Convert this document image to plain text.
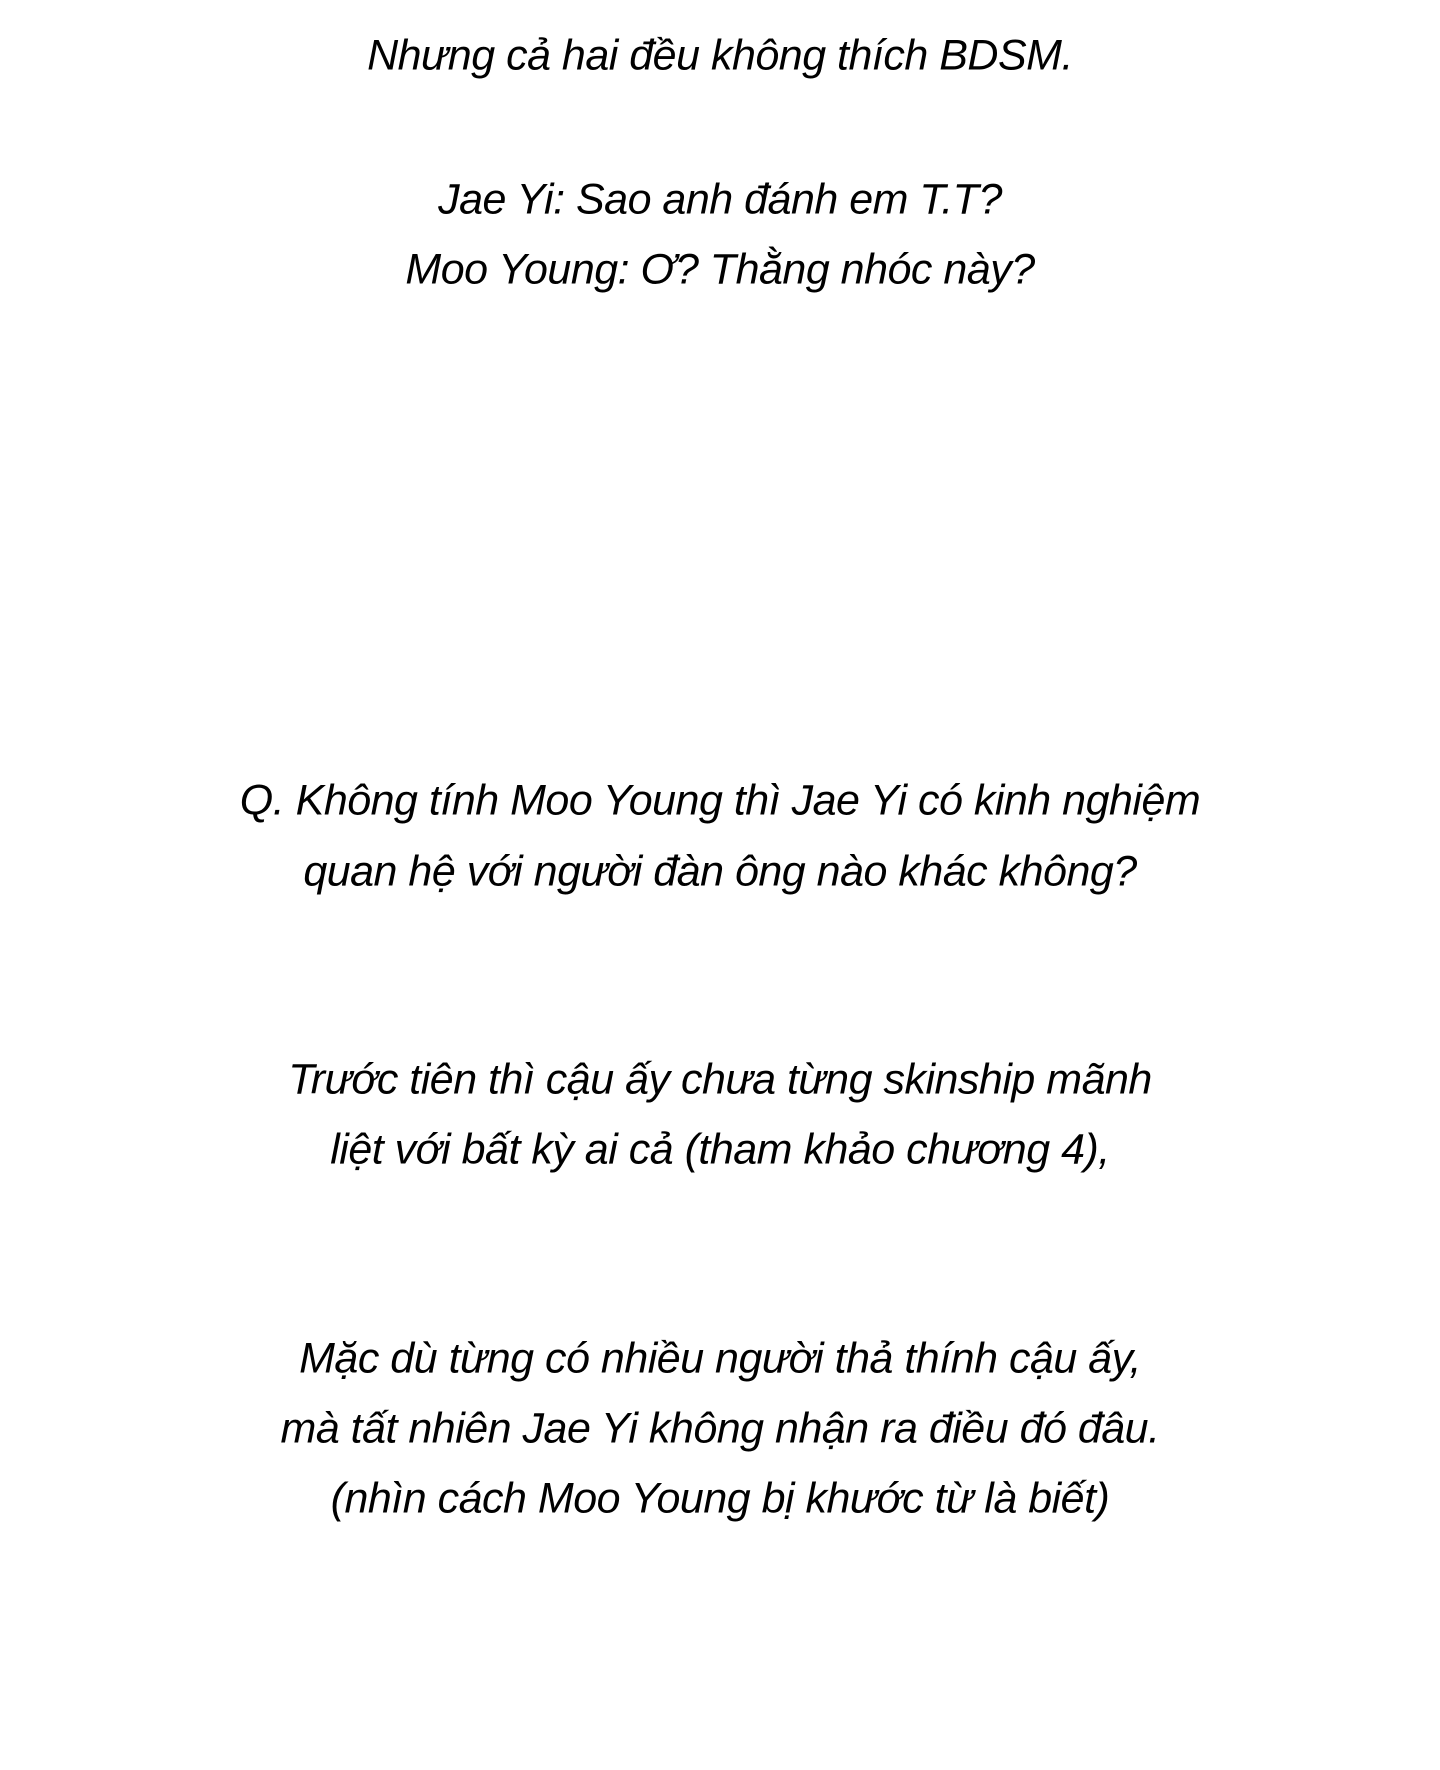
Nhưng cả hai đều không thích BDSM.
Jae Yi: Sao anh đánh em T.T?
Moo Young: Ơ? Thằng nhóc này?
Q. Không tính Moo Young thì Jae Yi có kinh nghiệm
quan hệ với người đàn ông nào khác không?
Trước tiên thì cậu ấy chưa từng skinship mãnh
liệt với bất kỳ ai cả (tham khảo chương 4),
Mặc dù từng có nhiều người thả thính cậu ấy,
mà tất nhiên Jae Yi không nhận ra điều đó đâu.
(nhìn cách Moo Young bị khước từ là biết)
